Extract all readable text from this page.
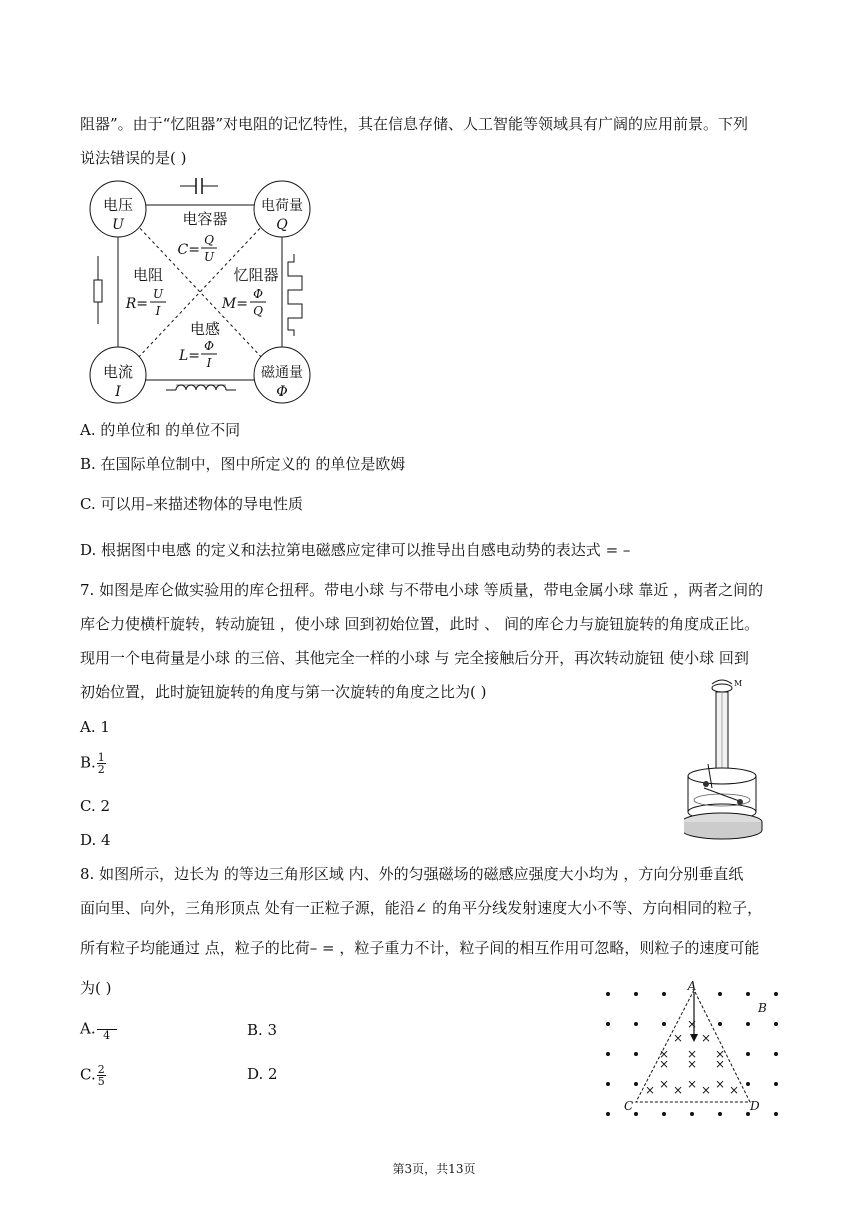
阻器”。由于“忆阻器”对电阻的记忆特性，其在信息存储、人工智能等领域具有广阔的应用前景。下列
说法错误的是( )
电压
U
电荷量
Q
电流
I
磁通量
Φ
电容器
C=
Q
U
电阻
R=
U
I
忆阻器
M=
Φ
Q
电感
L=
Φ
I
A. 的单位和 的单位不同
B. 在国际单位制中，图中所定义的 的单位是欧姆
C. 可以用–来描述物体的导电性质
D. 根据图中电感 的定义和法拉第电磁感应定律可以推导出自感电动势的表达式 = –
7. 如图是库仑做实验用的库仑扭秤。带电小球 与不带电小球 等质量，带电金属小球 靠近 ，两者之间的
库仑力使横杆旋转，转动旋钮 ，使小球 回到初始位置，此时 、 间的库仑力与旋钮旋转的角度成正比。
现用一个电荷量是小球 的三倍、其他完全一样的小球 与 完全接触后分开，再次转动旋钮 使小球 回到
初始位置，此时旋钮旋转的角度与第一次旋转的角度之比为( )
A. 1
B. $\frac{1}{2}$
C. 2
D. 4
M
8. 如图所示，边长为 的等边三角形区域 内、外的匀强磁场的磁感应强度大小均为 ，方向分别垂直纸
面向里、向外，三角形顶点 处有一正粒子源，能沿∠ 的角平分线发射速度大小不等、方向相同的粒子，
所有粒子均能通过 点，粒子的比荷– = ，粒子重力不计，粒子间的相互作用可忽略，则粒子的速度可能
为( )
A. 4	B. 3
C. $\frac{2}{5}$	D. 2
×
× × ×
× × ×
× × × ×
× × ×
× ×
A
B
C	D
第3页，共13页
